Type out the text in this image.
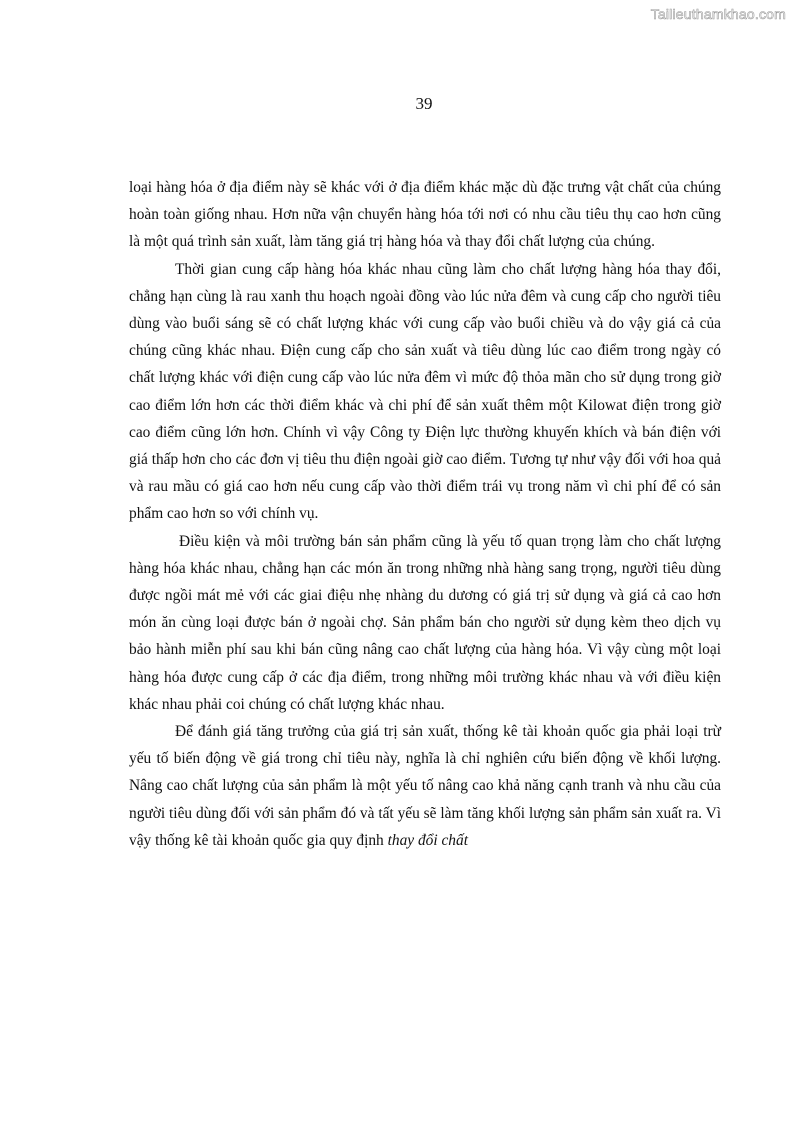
Tailieuthamkhao.com
39

loại hàng hóa ở địa điểm này sẽ khác với ở địa điểm khác mặc dù đặc trưng vật chất của chúng hoàn toàn giống nhau. Hơn nữa vận chuyển hàng hóa tới nơi có nhu cầu tiêu thụ cao hơn cũng là một quá trình sản xuất, làm tăng giá trị hàng hóa và thay đổi chất lượng của chúng.

Thời gian cung cấp hàng hóa khác nhau cũng làm cho chất lượng hàng hóa thay đổi, chẳng hạn cùng là rau xanh thu hoạch ngoài đồng vào lúc nửa đêm và cung cấp cho người tiêu dùng vào buổi sáng sẽ có chất lượng khác với cung cấp vào buổi chiều và do vậy giá cả của chúng cũng khác nhau. Điện cung cấp cho sản xuất và tiêu dùng lúc cao điểm trong ngày có chất lượng khác với điện cung cấp vào lúc nửa đêm vì mức độ thỏa mãn cho sử dụng trong giờ cao điểm lớn hơn các thời điểm khác và chi phí để sản xuất thêm một Kilowat điện trong giờ cao điểm cũng lớn hơn. Chính vì vậy Công ty Điện lực thường khuyến khích và bán điện với giá thấp hơn cho các đơn vị tiêu thu điện ngoài giờ cao điểm. Tương tự như vậy đối với hoa quả và rau mầu có giá cao hơn nếu cung cấp vào thời điểm trái vụ trong năm vì chi phí để có sản phẩm cao hơn so với chính vụ.

Điều kiện và môi trường bán sản phẩm cũng là yếu tố quan trọng làm cho chất lượng hàng hóa khác nhau, chẳng hạn các món ăn trong những nhà hàng sang trọng, người tiêu dùng được ngồi mát mẻ với các giai điệu nhẹ nhàng du dương có giá trị sử dụng và giá cả cao hơn món ăn cùng loại được bán ở ngoài chợ. Sản phẩm bán cho người sử dụng kèm theo dịch vụ bảo hành miễn phí sau khi bán cũng nâng cao chất lượng của hàng hóa. Vì vậy cùng một loại hàng hóa được cung cấp ở các địa điểm, trong những môi trường khác nhau và với điều kiện khác nhau phải coi chúng có chất lượng khác nhau.

Để đánh giá tăng trưởng của giá trị sản xuất, thống kê tài khoản quốc gia phải loại trừ yếu tố biến động về giá trong chỉ tiêu này, nghĩa là chỉ nghiên cứu biến động về khối lượng. Nâng cao chất lượng của sản phẩm là một yếu tố nâng cao khả năng cạnh tranh và nhu cầu của người tiêu dùng đối với sản phẩm đó và tất yếu sẽ làm tăng khối lượng sản phẩm sản xuất ra. Vì vậy thống kê tài khoản quốc gia quy định thay đổi chất
